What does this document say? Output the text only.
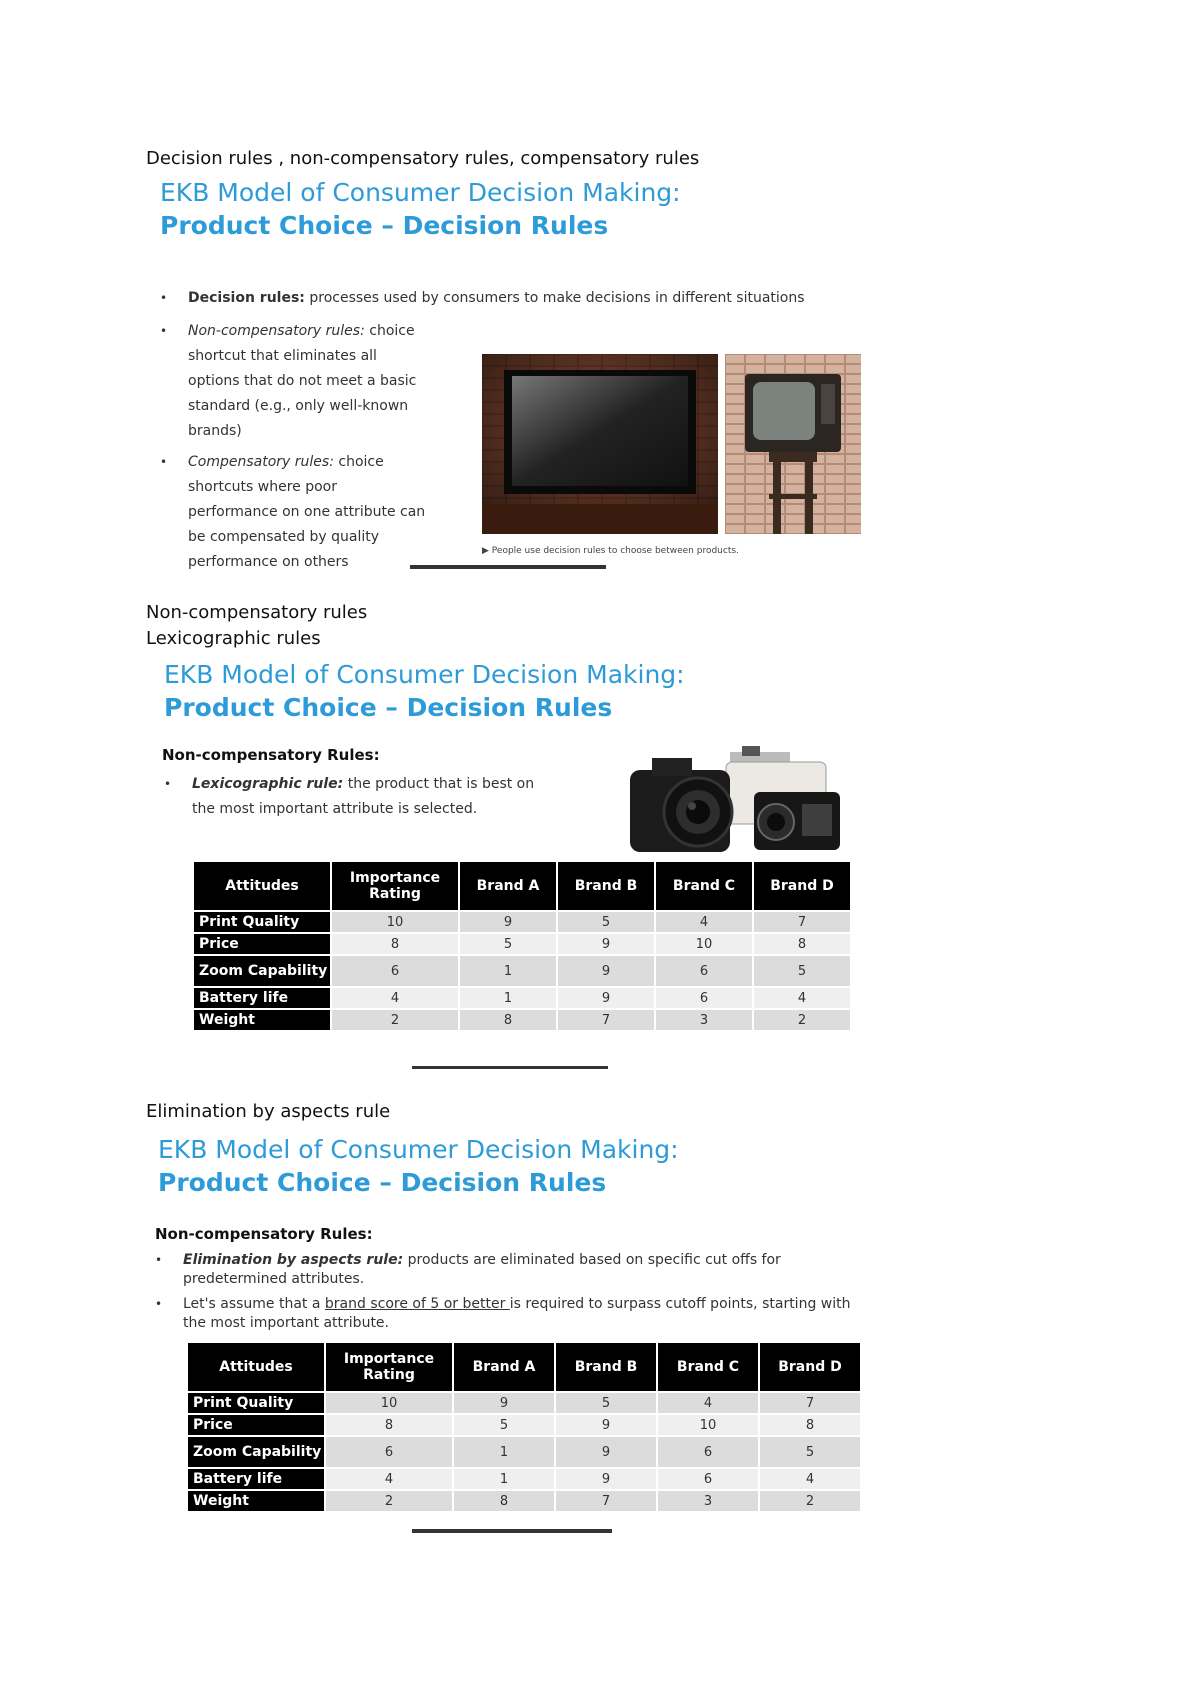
Decision rules , non-compensatory rules, compensatory rules
EKB Model of Consumer Decision Making:
Product Choice – Decision Rules
• Decision rules: processes used by consumers to make decisions in different situations
• Non-compensatory rules: choice shortcut that eliminates all options that do not meet a basic standard (e.g., only well-known brands)
• Compensatory rules: choice shortcuts where poor performance on one attribute can be compensated by quality performance on others
▶ People use decision rules to choose between products.
Non-compensatory rules
Lexicographic rules
EKB Model of Consumer Decision Making:
Product Choice – Decision Rules
Non-compensatory Rules:
• Lexicographic rule: the product that is best on the most important attribute is selected.
Attitudes	Importance Rating	Brand A	Brand B	Brand C	Brand D
Print Quality	10	9	5	4	7
Price	8	5	9	10	8
Zoom Capability	6	1	9	6	5
Battery life	4	1	9	6	4
Weight	2	8	7	3	2
Elimination by aspects rule
EKB Model of Consumer Decision Making:
Product Choice – Decision Rules
Non-compensatory Rules:
• Elimination by aspects rule: products are eliminated based on specific cut offs for predetermined attributes.
• Let's assume that a brand score of 5 or better is required to surpass cutoff points, starting with the most important attribute.
Attitudes	Importance Rating	Brand A	Brand B	Brand C	Brand D
Print Quality	10	9	5	4	7
Price	8	5	9	10	8
Zoom Capability	6	1	9	6	5
Battery life	4	1	9	6	4
Weight	2	8	7	3	2
